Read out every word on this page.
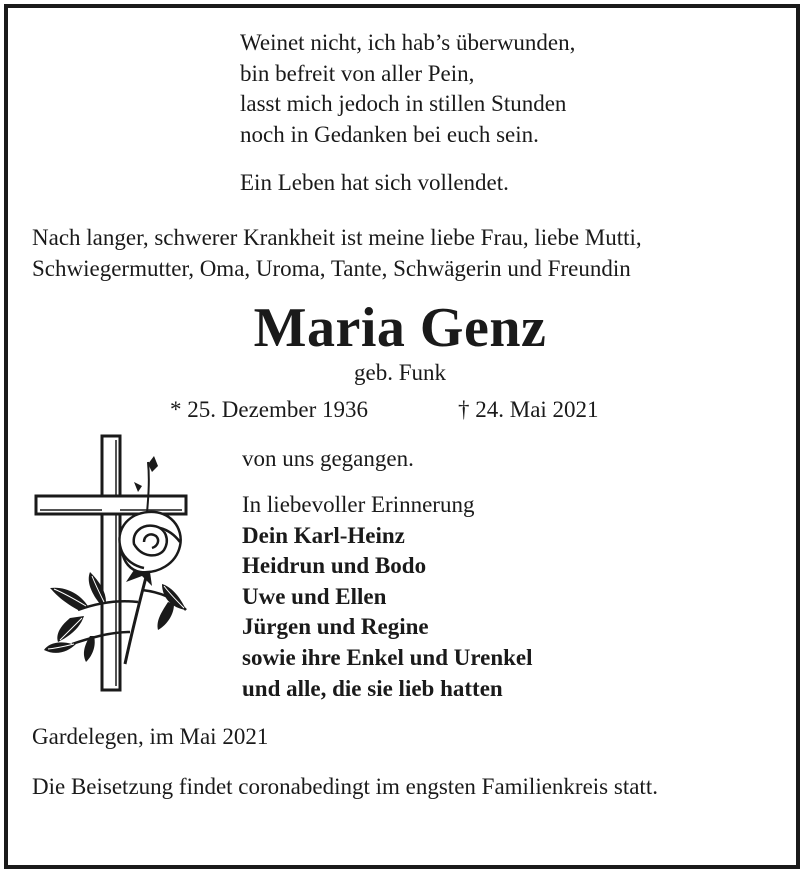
Weinet nicht, ich hab’s überwunden,
bin befreit von aller Pein,
lasst mich jedoch in stillen Stunden
noch in Gedanken bei euch sein.
Ein Leben hat sich vollendet.
Nach langer, schwerer Krankheit ist meine liebe Frau, liebe Mutti,
Schwiegermutter, Oma, Uroma, Tante, Schwägerin und Freundin
Maria Genz
geb. Funk
* 25. Dezember 1936	† 24. Mai 2021
von uns gegangen.
In liebevoller Erinnerung
Dein Karl-Heinz
Heidrun und Bodo
Uwe und Ellen
Jürgen und Regine
sowie ihre Enkel und Urenkel
und alle, die sie lieb hatten
Gardelegen, im Mai 2021
Die Beisetzung findet coronabedingt im engsten Familienkreis statt.
